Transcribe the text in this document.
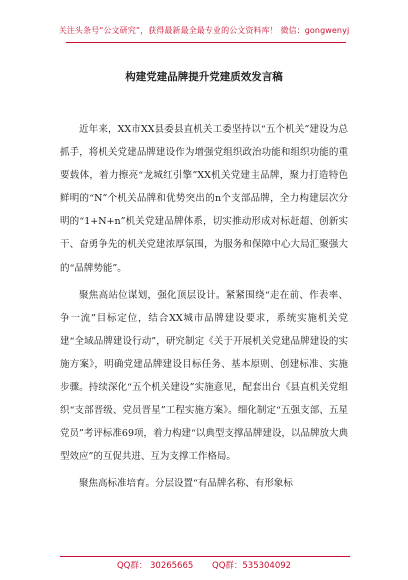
关注头条号“公文研究”，获得最新最全最专业的公文资料库！ 微信：gongwenyj
构建党建品牌提升党建质效发言稿

近年来，XX市XX县委县直机关工委坚持以“五个机关”建设为总抓手，将机关党建品牌建设作为增强党组织政治功能和组织功能的重要载体，着力擦亮“龙城红引擎”XX机关党建主品牌，聚力打造特色鲜明的“N”个机关品牌和优势突出的n个支部品牌，全力构建层次分明的“1+N+n”机关党建品牌体系，切实推动形成对标赶超、创新实干、奋勇争先的机关党建浓厚氛围，为服务和保障中心大局汇聚强大的“品牌势能”。

聚焦高站位谋划，强化顶层设计。紧紧围绕“走在前、作表率、争一流”目标定位，结合XX城市品牌建设要求，系统实施机关党建“全域品牌建设行动”，研究制定《关于开展机关党建品牌建设的实施方案》，明确党建品牌建设目标任务、基本原则、创建标准、实施步骤。持续深化“五个机关建设”实施意见，配套出台《县直机关党组织“支部晋级、党员晋星”工程实施方案》。细化制定“五强支部、五星党员”考评标准69项，着力构建“以典型支撑品牌建设，以品牌放大典型效应”的互促共进、互为支撑工作格局。

聚焦高标准培育。分层设置“有品牌名称、有形象标

QQ群： 30265665 QQ群：535304092
